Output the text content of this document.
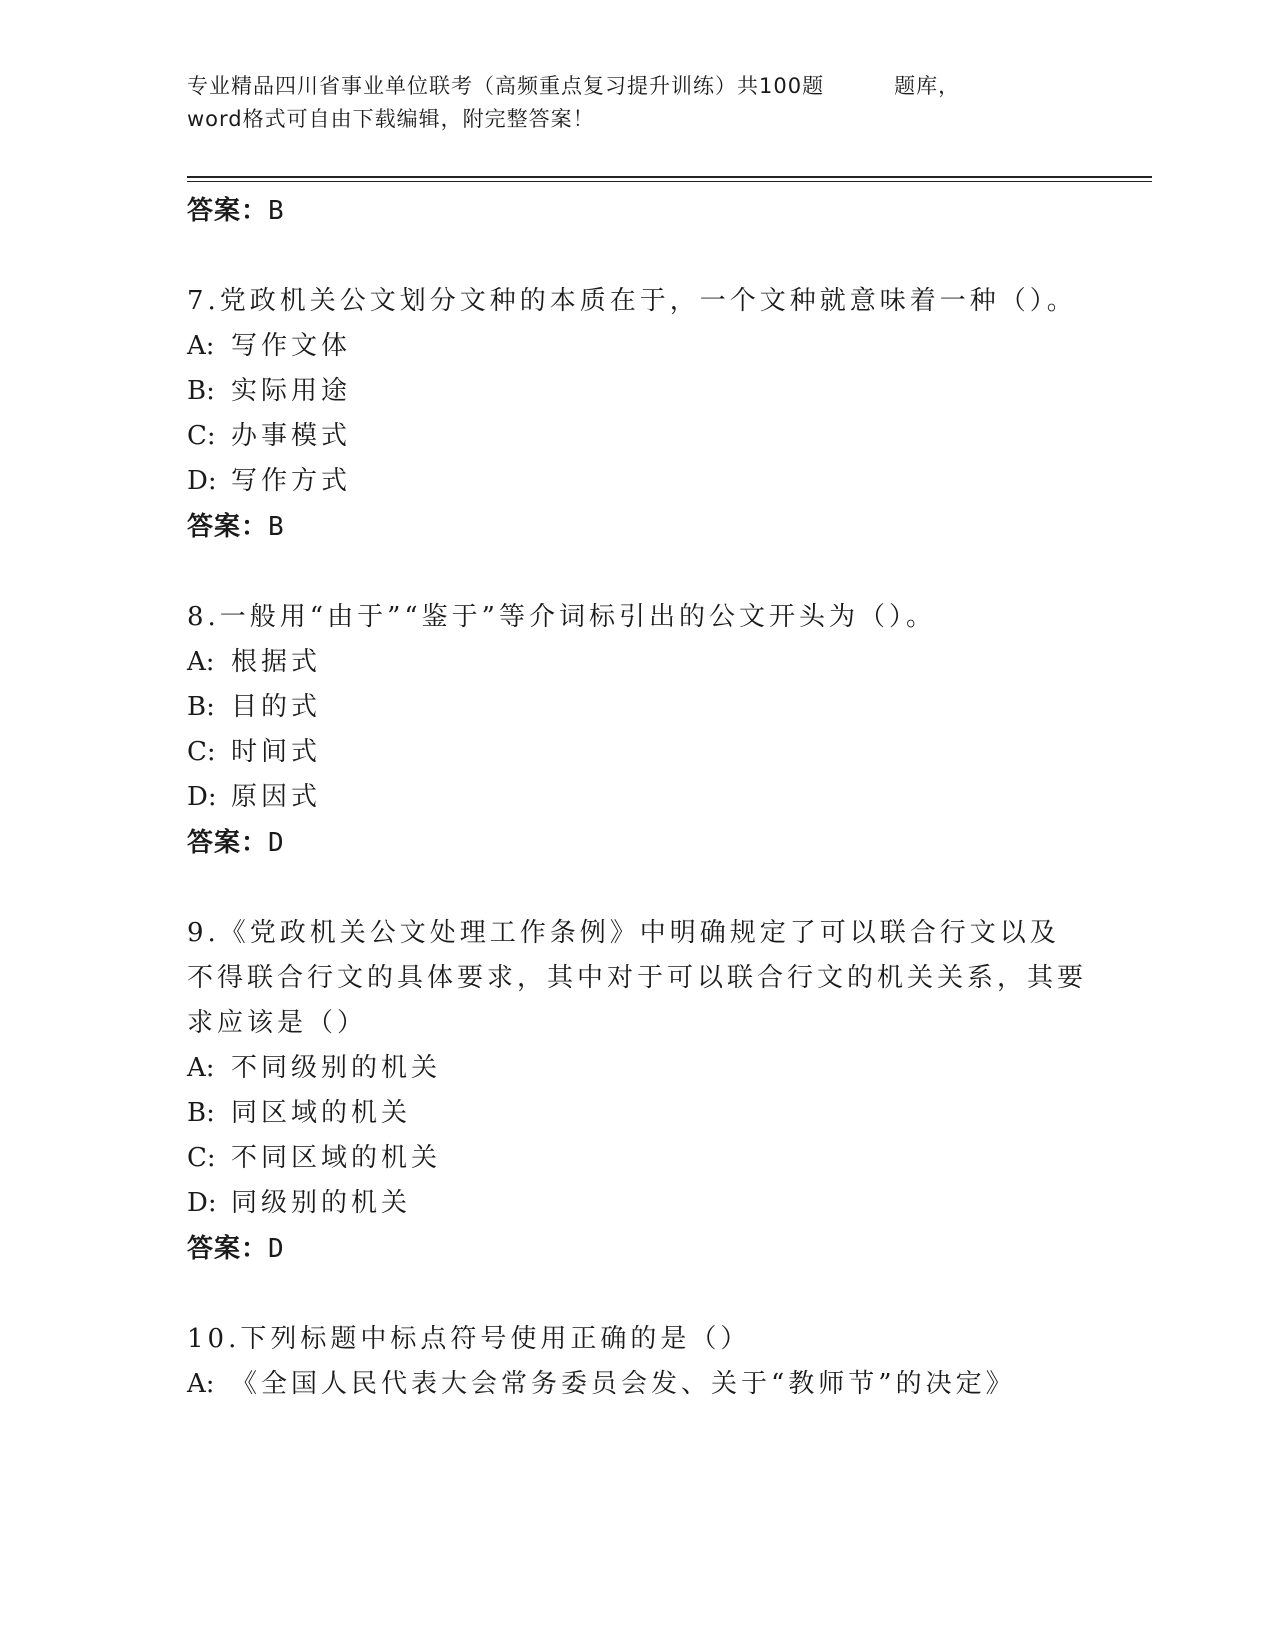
专业精品四川省事业单位联考（高频重点复习提升训练）共100题	题库，
word格式可自由下载编辑，附完整答案！
答案：B
7.党政机关公文划分文种的本质在于，一个文种就意味着一种（）。
A: 写作文体
B: 实际用途
C: 办事模式
D: 写作方式
答案：B
8.一般用“由于”“鉴于”等介词标引出的公文开头为（）。
A: 根据式
B: 目的式
C: 时间式
D: 原因式
答案：D
9.《党政机关公文处理工作条例》中明确规定了可以联合行文以及不得联合行文的具体要求，其中对于可以联合行文的机关关系，其要求应该是（）
A: 不同级别的机关
B: 同区域的机关
C: 不同区域的机关
D: 同级别的机关
答案：D
10.下列标题中标点符号使用正确的是（）
A: 《全国人民代表大会常务委员会发、关于“教师节”的决定》
